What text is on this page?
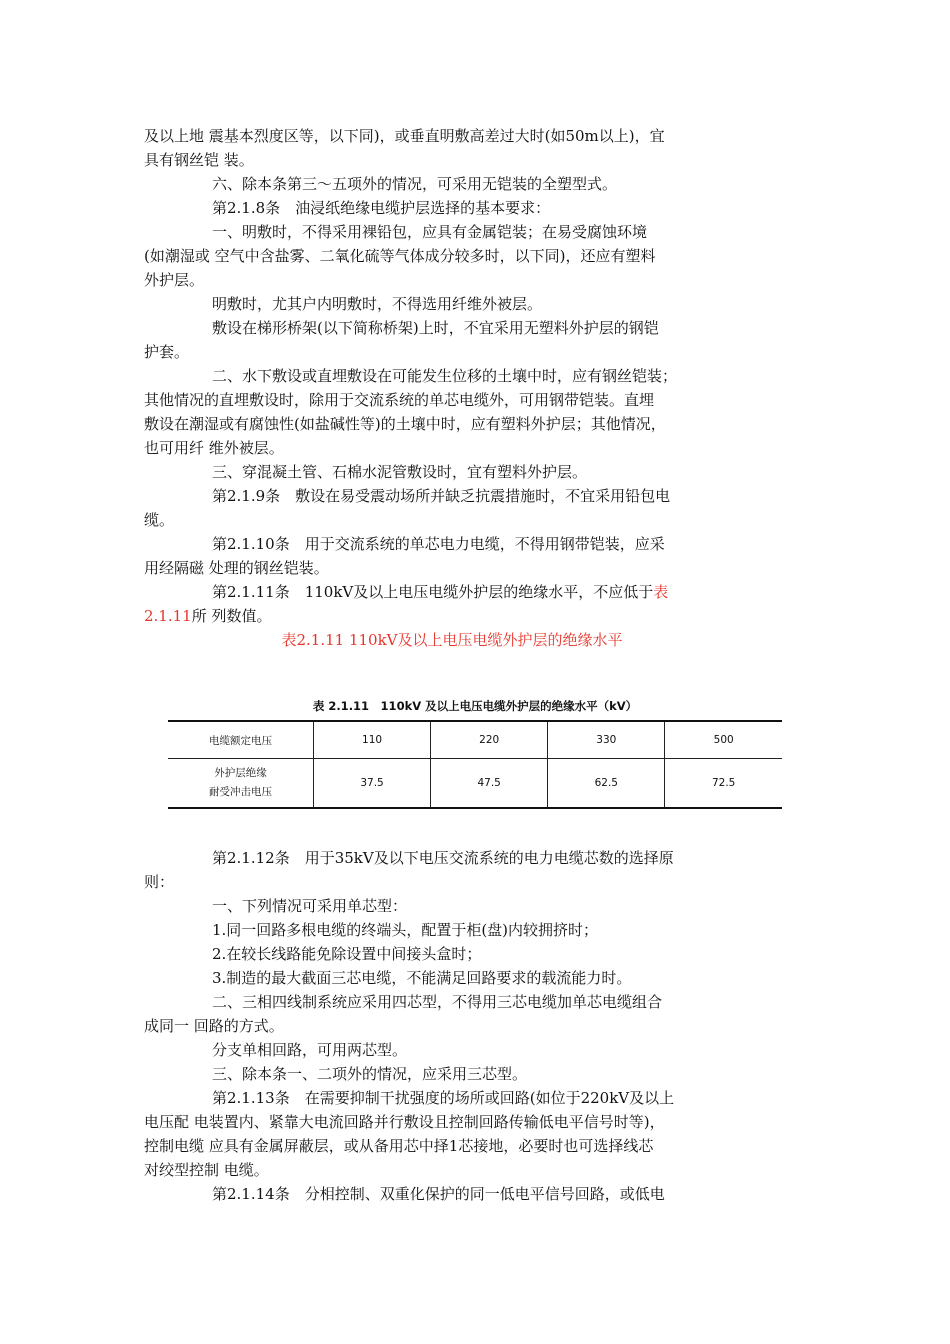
及以上地 震基本烈度区等，以下同)，或垂直明敷高差过大时(如50m以上)，宜
具有钢丝铠 装。
六、除本条第三～五项外的情况，可采用无铠装的全塑型式。
第2.1.8条　油浸纸绝缘电缆护层选择的基本要求：
一、明敷时，不得采用裸铅包，应具有金属铠装；在易受腐蚀环境
(如潮湿或 空气中含盐雾、二氧化硫等气体成分较多时，以下同)，还应有塑料
外护层。
明敷时，尤其户内明敷时，不得选用纤维外被层。
敷设在梯形桥架(以下简称桥架)上时，不宜采用无塑料外护层的钢铠
护套。
二、水下敷设或直埋敷设在可能发生位移的土壤中时，应有钢丝铠装；
其他情况的直埋敷设时，除用于交流系统的单芯电缆外，可用钢带铠装。直埋
敷设在潮湿或有腐蚀性(如盐碱性等)的土壤中时，应有塑料外护层；其他情况，
也可用纤 维外被层。
三、穿混凝土管、石棉水泥管敷设时，宜有塑料外护层。
第2.1.9条　敷设在易受震动场所并缺乏抗震措施时，不宜采用铅包电
缆。
第2.1.10条　用于交流系统的单芯电力电缆，不得用钢带铠装，应采
用经隔磁 处理的钢丝铠装。
第2.1.11条　110kV及以上电压电缆外护层的绝缘水平，不应低于表
2.1.11所 列数值。
表2.1.11 110kV及以上电压电缆外护层的绝缘水平
表 2.1.11　110kV 及以上电压电缆外护层的绝缘水平（kV）
电缆额定电压	110	220	330	500

外护层绝缘
耐受冲击电压	37.5	47.5	62.5	72.5
第2.1.12条　用于35kV及以下电压交流系统的电力电缆芯数的选择原
则：
一、下列情况可采用单芯型：
1.同一回路多根电缆的终端头，配置于柜(盘)内较拥挤时；
2.在较长线路能免除设置中间接头盒时；
3.制造的最大截面三芯电缆，不能满足回路要求的载流能力时。
二、三相四线制系统应采用四芯型，不得用三芯电缆加单芯电缆组合
成同一 回路的方式。
分支单相回路，可用两芯型。
三、除本条一、二项外的情况，应采用三芯型。
第2.1.13条　在需要抑制干扰强度的场所或回路(如位于220kV及以上
电压配 电装置内、紧靠大电流回路并行敷设且控制回路传输低电平信号时等)，
控制电缆 应具有金属屏蔽层，或从备用芯中择1芯接地，必要时也可选择线芯
对绞型控制 电缆。
第2.1.14条　分相控制、双重化保护的同一低电平信号回路，或低电
